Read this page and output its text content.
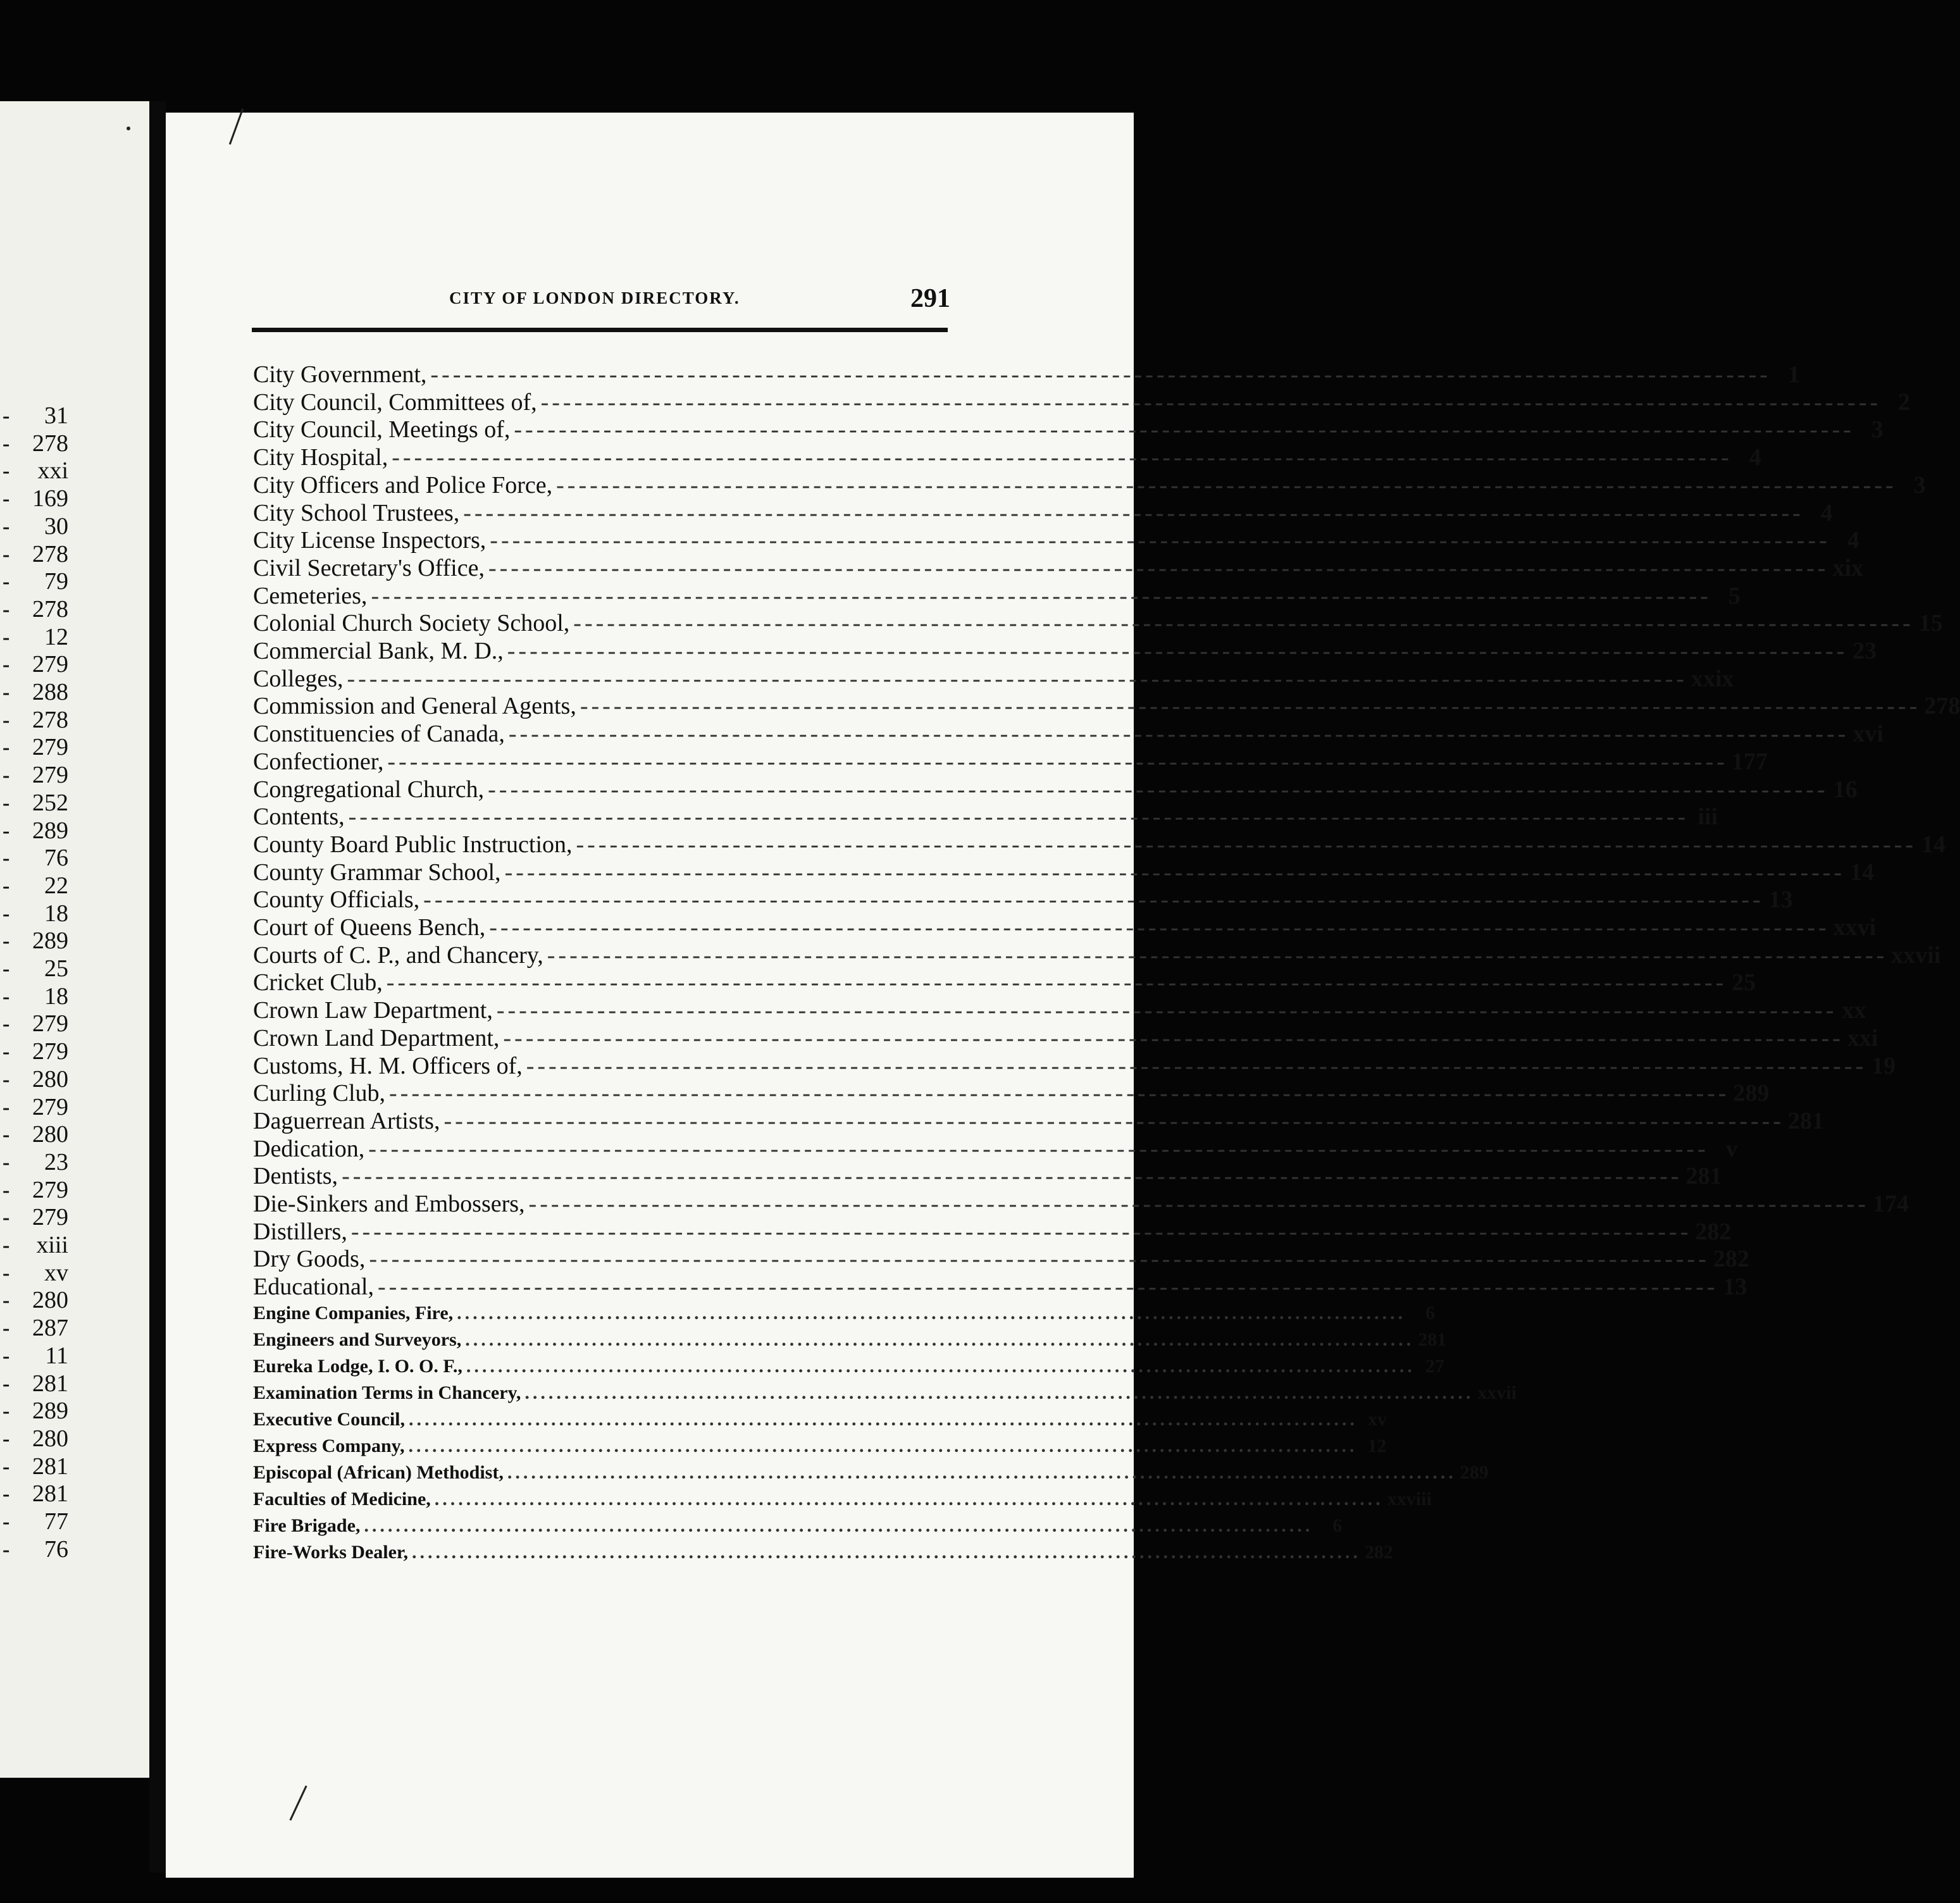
- 31
- 278
- xxi
- 169
- 30
- 278
- 79
- 278
- 12
- 279
- 288
- 278
- 279
- 279
- 252
- 289
- 76
- 22
- 18
- 289
- 25
- 18
- 279
- 279
- 280
- 279
- 280
- 23
- 279
- 279
- xiii
- xv
- 280
- 287
- 11
- 281
- 289
- 280
- 281
- 281
- 77
- 76
CITY OF LONDON DIRECTORY.	291
City Government, ------------------------------------------------------------------------------------------------------------------------ 1
City Council, Committees of, ------------------------------------------------------------------------------------------------------------------------ 2
City Council, Meetings of, ------------------------------------------------------------------------------------------------------------------------ 3
City Hospital, ------------------------------------------------------------------------------------------------------------------------ 4
City Officers and Police Force, ------------------------------------------------------------------------------------------------------------------------ 3
City School Trustees, ------------------------------------------------------------------------------------------------------------------------ 4
City License Inspectors, ------------------------------------------------------------------------------------------------------------------------ 4
Civil Secretary's Office, ------------------------------------------------------------------------------------------------------------------------ xix
Cemeteries, ------------------------------------------------------------------------------------------------------------------------ 5
Colonial Church Society School, ------------------------------------------------------------------------------------------------------------------------ 15
Commercial Bank, M. D., ------------------------------------------------------------------------------------------------------------------------ 23
Colleges, ------------------------------------------------------------------------------------------------------------------------ xxix
Commission and General Agents, ------------------------------------------------------------------------------------------------------------------------ 278
Constituencies of Canada, ------------------------------------------------------------------------------------------------------------------------ xvi
Confectioner, ------------------------------------------------------------------------------------------------------------------------ 177
Congregational Church, ------------------------------------------------------------------------------------------------------------------------ 16
Contents, ------------------------------------------------------------------------------------------------------------------------ iii
County Board Public Instruction, ------------------------------------------------------------------------------------------------------------------------ 14
County Grammar School, ------------------------------------------------------------------------------------------------------------------------ 14
County Officials, ------------------------------------------------------------------------------------------------------------------------ 13
Court of Queens Bench, ------------------------------------------------------------------------------------------------------------------------ xxvi
Courts of C. P., and Chancery, ------------------------------------------------------------------------------------------------------------------------ xxvii
Cricket Club, ------------------------------------------------------------------------------------------------------------------------ 25
Crown Law Department, ------------------------------------------------------------------------------------------------------------------------ xx
Crown Land Department, ------------------------------------------------------------------------------------------------------------------------ xxi
Customs, H. M. Officers of, ------------------------------------------------------------------------------------------------------------------------ 19
Curling Club, ------------------------------------------------------------------------------------------------------------------------ 289
Daguerrean Artists, ------------------------------------------------------------------------------------------------------------------------ 281
Dedication, ------------------------------------------------------------------------------------------------------------------------ v
Dentists, ------------------------------------------------------------------------------------------------------------------------ 281
Die-Sinkers and Embossers, ------------------------------------------------------------------------------------------------------------------------ 174
Distillers, ------------------------------------------------------------------------------------------------------------------------ 282
Dry Goods, ------------------------------------------------------------------------------------------------------------------------ 282
Educational, ------------------------------------------------------------------------------------------------------------------------ 13
Engine Companies, Fire, ........................................................................................................................	6
Engineers and Surveyors, ........................................................................................................................ 281
Eureka Lodge, I. O. O. F., ........................................................................................................................ 27
Examination Terms in Chancery, ........................................................................................................................ xxvii
Executive Council, ........................................................................................................................ xv
Express Company, ........................................................................................................................ 12
Episcopal (African) Methodist, ........................................................................................................................ 289
Faculties of Medicine, ........................................................................................................................ xxviii
Fire Brigade, ........................................................................................................................	6
Fire-Works Dealer, ........................................................................................................................ 282
